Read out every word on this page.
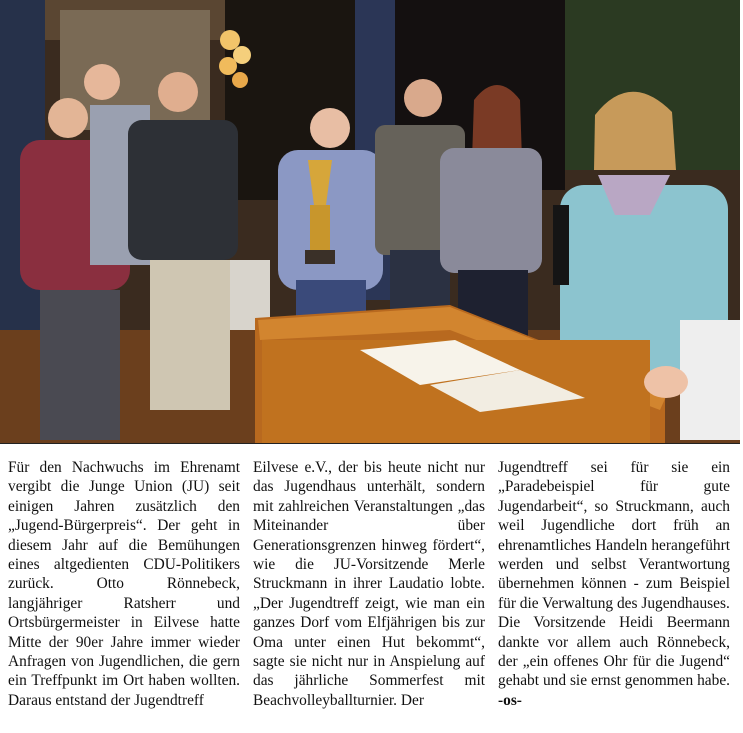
Für den Nachwuchs im Ehrenamt vergibt die Junge Union (JU) seit einigen Jahren zusätzlich den „Jugend-Bürgerpreis“. Der geht in diesem Jahr auf die Bemühungen eines altgedienten CDU-Politikers zurück. Otto Rönnebeck, langjähriger Ratsherr und Ortsbürgermeister in Eilvese hatte Mitte der 90er Jahre immer wieder Anfragen von Jugendlichen, die gern ein Treffpunkt im Ort haben wollten. Daraus entstand der Jugendtreff

Eilvese e.V., der bis heute nicht nur das Jugendhaus unterhält, sondern mit zahlreichen Veranstaltungen „das Miteinander über Generationsgrenzen hinweg fördert“, wie die JU-Vorsitzende Merle Struckmann in ihrer Laudatio lobte. „Der Jugendtreff zeigt, wie man ein ganzes Dorf vom Elfjährigen bis zur Oma unter einen Hut bekommt“, sagte sie nicht nur in Anspielung auf das jährliche Sommerfest mit Beachvolleyballturnier. Der

Jugendtreff sei für sie ein „Paradebeispiel für gute Jugendarbeit“, so Struckmann, auch weil Jugendliche dort früh an ehrenamtliches Handeln herangeführt werden und selbst Verantwortung übernehmen können - zum Beispiel für die Verwaltung des Jugendhauses.

Die Vorsitzende Heidi Beermann dankte vor allem auch Rönnebeck, der „ein offenes Ohr für die Jugend“ gehabt und sie ernst genommen habe. -os-
